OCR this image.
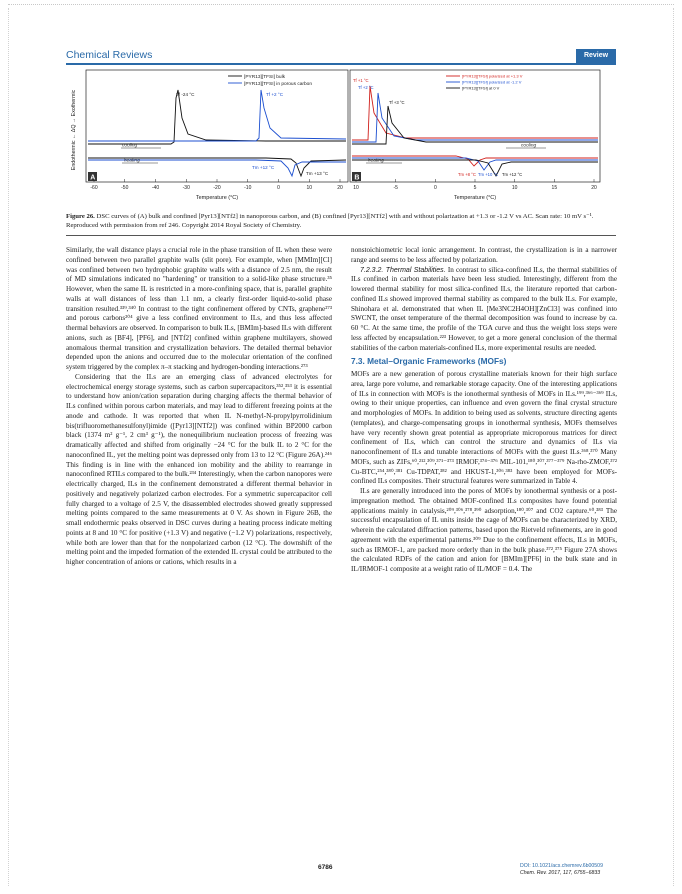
Chemical Reviews	Review
Endothermic ← ΔQ → Exothermic
[PYR13][TFSI] bulk
[PYR13][TFSI] in porous carbon
cooling
heating
Tf -24 °C	Tf +2 °C
Tm +12 °C
Tm +13 °C
A
-60	-50	-40	-30	-20	-10	0	10	20
Temperature (°C)
[PYR13][TFSI] polarized at +1.3 V
[PYR13][TFSI] polarized at -1.2 V
[PYR13][TFSI] at 0 V
cooling
heating
Tf +1 °C
Tf +2 °C
Tf +3 °C
Tm +8 °C Tm +10 °C Tm +12 °C
B
10	-5	0	5	10	15	20
Temperature (°C)
Figure 26. DSC curves of (A) bulk and confined [Pyr13][NTf2] in nanoporous carbon, and (B) confined [Pyr13][NTf2] with and without polarization at +1.3 or -1.2 V vs AC. Scan rate: 10 mV s⁻¹. Reproduced with permission from ref 246. Copyright 2014 Royal Society of Chemistry.

Similarly, the wall distance plays a crucial role in the phase transition of IL when these were confined between two parallel graphite walls (slit pore). For example, when [MMIm][Cl] was confined between two hydrophobic graphite walls with a distance of 2.5 nm, the result of MD simulations indicated no "hardening" or transition to a solid-like phase structure.³⁵ However, when the same IL is restricted in a more-confining space, that is, parallel graphite walls at wall distances of less than 1.1 nm, a clearly first-order liquid-to-solid phase transition resulted.³³⁹,³⁴⁰ In contrast to the tight confinement offered by CNTs, graphene²⁷³ and porous carbons²⁰⁴ give a less confined environment to ILs, and thus less affected thermal behaviors are observed. In comparison to bulk ILs, [BMIm]-based ILs with different anions, such as [BF4], [PF6], and [NTf2] confined within graphene multilayers, showed anomalous thermal transition and crystallization behaviors. The detailed thermal behavior depended upon the anions and occurred due to the molecular orientation of the confined system triggered by the complex π–π stacking and hydrogen-bonding interactions.²⁷³

Considering that the ILs are an emerging class of advanced electrolytes for electrochemical energy storage systems, such as carbon supercapacitors,³⁵²,³⁵³ it is essential to understand how anion/cation separation during charging affects the thermal behavior of ILs confined within porous carbon materials, and may lead to different freezing points at the anode and cathode. It was reported that when IL N-methyl-N-propylpyrrolidinium bis(trifluoromethanesulfonyl)imide ([Pyr13][NTf2]) was confined within BP2000 carbon black (1374 m² g⁻¹, 2 cm³ g⁻¹), the nonequilibrium nucleation process of freezing was dramatically affected and shifted from originally −24 °C for the bulk IL to 2 °C for the nanoconfined IL, yet the melting point was depressed only from 13 to 12 °C (Figure 26A).²⁴⁶ This finding is in line with the enhanced ion mobility and the ability to rearrange in nanoconfined RTILs compared to the bulk.²³⁴ Interestingly, when the carbon nanopores were electrically charged, ILs in the confinement demonstrated a different thermal behavior in positively and negatively polarized carbon electrodes. For a symmetric supercapacitor cell fully charged to a voltage of 2.5 V, the disassembled electrodes showed greatly suppressed melting points compared to the same measurements at 0 V. As shown in Figure 26B, the small endothermic peaks observed in DSC curves during a heating process indicate melting points at 8 and 10 °C for positive (+1.3 V) and negative (−1.2 V) polarizations, respectively, while both are lower than that for the nonpolarized carbon (12 °C). The downshift of the melting point and the impeded formation of the extended IL crystal could be attributed to the higher concentration of anions or cations, which results in a

nonstoichiometric local ionic arrangement. In contrast, the crystallization is in a narrower range and seems to be less affected by polarization.

7.2.3.2. Thermal Stabilities. In contrast to silica-confined ILs, the thermal stabilities of ILs confined in carbon materials have been less studied. Interestingly, different from the lowered thermal stability for most silica-confined ILs, the literature reported that carbon-confined ILs showed improved thermal stability as compared to the bulk ILs. For example, Shinohara et al. demonstrated that when IL [Me3NC2H4OH][ZnCl3] was confined into SWCNT, the onset temperature of the thermal decomposition was found to increase by ca. 60 °C. At the same time, the profile of the TGA curve and thus the weight loss steps were less affected by encapsulation.²²³ However, to get a more general conclusion of the thermal stabilities of the carbon materials-confined ILs, more experimental results are needed.

7.3. Metal–Organic Frameworks (MOFs)

MOFs are a new generation of porous crystalline materials known for their high surface area, large pore volume, and remarkable storage capacity. One of the interesting applications of ILs in connection with MOFs is the ionothermal synthesis of MOFs in ILs.¹⁹⁹,³⁶⁶⁻³⁶⁹ ILs, owing to their unique properties, can influence and even govern the final crystal structure and morphologies of MOFs. In addition to being used as solvents, structure directing agents (templates), and charge-compensating groups in ionothermal synthesis, MOFs themselves have very recently shown great potential as appropriate microporous matrices for direct confinement of ILs, which can control the structure and dynamics of ILs via nanoconfinement of ILs and tunable interactions of MOFs with the guest ILs.³⁶⁸,³⁷⁰ Many MOFs, such as ZIFs,⁶⁰,²¹²,³⁰⁹,³⁷¹⁻³⁷³ IRMOF,³⁷⁴⁻³⁷⁶ MIL-101,¹⁸⁰,³⁰⁷,³⁷⁷⁻³⁷⁹ Na-rho-ZMOF,³⁷² Cu-BTC,²⁵⁴,³⁸⁰,³⁸¹ Cu-TDPAT,³⁸² and HKUST-1,³⁰⁶,³⁸³ have been employed for MOFs-confined ILs composites. Their structural features were summarized in Table 4.

ILs are generally introduced into the pores of MOFs by ionothermal synthesis or a post-impregnation method. The obtained MOF-confined ILs composites have found potential applications mainly in catalysis,²⁰⁹,³⁰⁶,³⁷⁸,³⁹⁰ adsorption,¹⁸⁰,³⁰⁷ and CO2 capture.⁶⁰,³⁸³ The successful encapsulation of IL units inside the cage of MOFs can be characterized by XRD, wherein the calculated diffraction patterns, based upon the Rietveld refinements, are in good agreement with the experimental patterns.³⁰⁹ Due to the confinement effects, ILs in MOFs, such as IRMOF-1, are packed more orderly than in the bulk phase.³⁷²,³⁷⁵ Figure 27A shows the calculated RDFs of the cation and anion for [BMIm][PF6] in the bulk state and in IL/IRMOF-1 composite at a weight ratio of IL/MOF = 0.4. The

6786	DOI: 10.1021/acs.chemrev.6b00509
Chem. Rev. 2017, 117, 6755−6833
